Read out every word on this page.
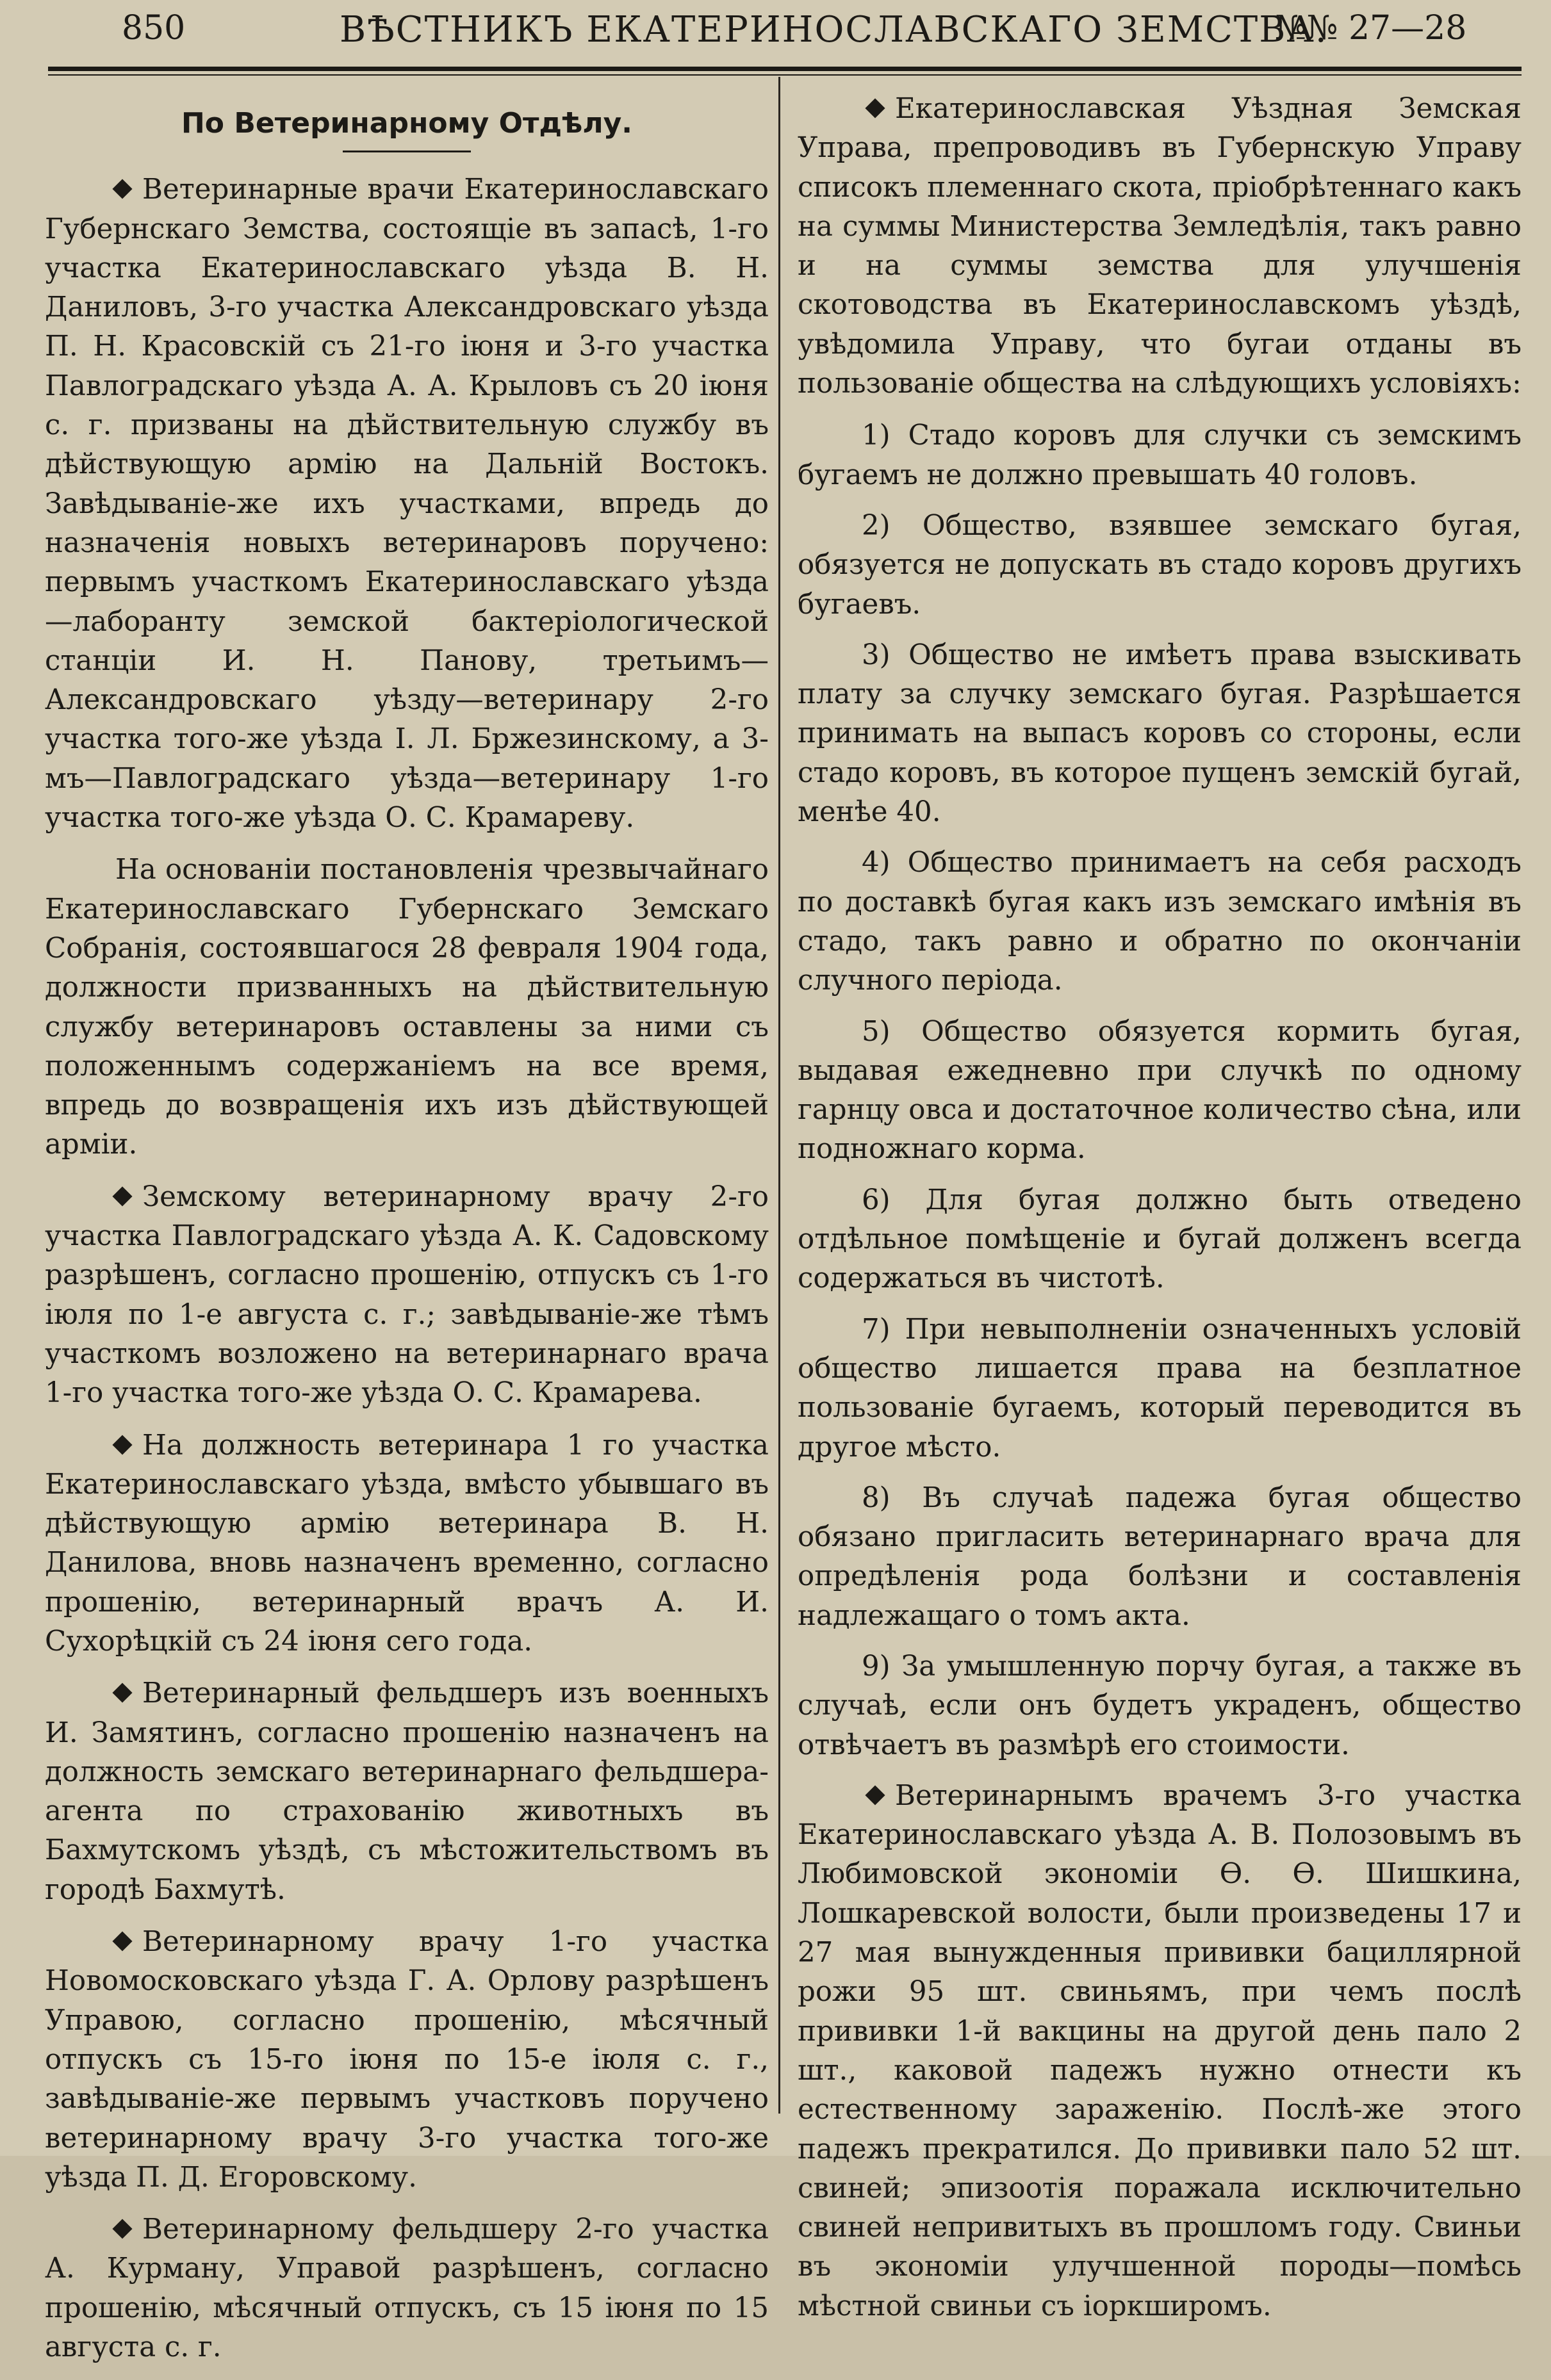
850	ВѢСТНИКЪ ЕКАТЕРИНОСЛАВСКАГО ЗЕМСТВА.
№№ 27—28
По Ветеринарному Отдѣлу.

Ветеринарные врачи Екатеринославскаго Губернскаго Земства, состоящіе въ запасѣ, 1-го участка Екатеринославскаго уѣзда В. Н. Даниловъ, 3-го участка Александровскаго уѣзда П. Н. Красовскій съ 21-го іюня и 3-го участка Павлоградскаго уѣзда А. А. Крыловъ съ 20 іюня с. г. призваны на дѣйствительную службу въ дѣйствующую армію на Дальній Востокъ. Завѣдываніе-же ихъ участками, впредь до назначенія новыхъ ветеринаровъ поручено: первымъ участкомъ Екатеринославскаго уѣзда—лаборанту земской бактеріологической станціи И. Н. Панову, третьимъ—Александровскаго уѣзду—ветеринару 2-го участка того-же уѣзда І. Л. Бржезинскому, а 3-мъ—Павлоградскаго уѣзда—ветеринару 1-го участка того-же уѣзда О. С. Крамареву.

На основаніи постановленія чрезвычайнаго Екатеринославскаго Губернскаго Земскаго Собранія, состоявшагося 28 февраля 1904 года, должности призванныхъ на дѣйствительную службу ветеринаровъ оставлены за ними съ положеннымъ содержаніемъ на все время, впредь до возвращенія ихъ изъ дѣйствующей арміи.

Земскому ветеринарному врачу 2-го участка Павлоградскаго уѣзда А. К. Садовскому разрѣшенъ, согласно прошенію, отпускъ съ 1-го іюля по 1-е августа с. г.; завѣдываніе-же тѣмъ участкомъ возложено на ветеринарнаго врача 1-го участка того-же уѣзда О. С. Крамарева.

На должность ветеринара 1 го участка Екатеринославскаго уѣзда, вмѣсто убывшаго въ дѣйствующую армію ветеринара В. Н. Данилова, вновь назначенъ временно, согласно прошенію, ветеринарный врачъ А. И. Сухорѣцкій съ 24 іюня сего года.

Ветеринарный фельдшеръ изъ военныхъ И. Замятинъ, согласно прошенію назначенъ на должность земскаго ветеринарнаго фельдшера-агента по страхованію животныхъ въ Бахмутскомъ уѣздѣ, съ мѣстожительствомъ въ городѣ Бахмутѣ.

Ветеринарному врачу 1-го участка Новомосковскаго уѣзда Г. А. Орлову разрѣшенъ Управою, согласно прошенію, мѣсячный отпускъ съ 15-го іюня по 15-е іюля с. г., завѣдываніе-же первымъ участковъ поручено ветеринарному врачу 3-го участка того-же уѣзда П. Д. Егоровскому.

Ветеринарному фельдшеру 2-го участка А. Курману, Управой разрѣшенъ, согласно прошенію, мѣсячный отпускъ, съ 15 іюня по 15 августа с. г.

Екатеринославская Уѣздная Земская Управа, препроводивъ въ Губернскую Управу списокъ племеннаго скота, пріобрѣтеннаго какъ на суммы Министерства Земледѣлія, такъ равно и на суммы земства для улучшенія скотоводства въ Екатеринославскомъ уѣздѣ, увѣдомила Управу, что бугаи отданы въ пользованіе общества на слѣдующихъ условіяхъ:

1) Стадо коровъ для случки съ земскимъ бугаемъ не должно превышать 40 головъ.

2) Общество, взявшее земскаго бугая, обязуется не допускать въ стадо коровъ другихъ бугаевъ.

3) Общество не имѣетъ права взыскивать плату за случку земскаго бугая. Разрѣшается принимать на выпасъ коровъ со стороны, если стадо коровъ, въ которое пущенъ земскій бугай, менѣе 40.

4) Общество принимаетъ на себя расходъ по доставкѣ бугая какъ изъ земскаго имѣнія въ стадо, такъ равно и обратно по окончаніи случного періода.

5) Общество обязуется кормить бугая, выдавая ежедневно при случкѣ по одному гарнцу овса и достаточное количество сѣна, или подножнаго корма.

6) Для бугая должно быть отведено отдѣльное помѣщеніе и бугай долженъ всегда содержаться въ чистотѣ.

7) При невыполненіи означенныхъ условій общество лишается права на безплатное пользованіе бугаемъ, который переводится въ другое мѣсто.

8) Въ случаѣ падежа бугая общество обязано пригласить ветеринарнаго врача для опредѣленія рода болѣзни и составленія надлежащаго о томъ акта.

9) За умышленную порчу бугая, а также въ случаѣ, если онъ будетъ украденъ, общество отвѣчаетъ въ размѣрѣ его стоимости.

Ветеринарнымъ врачемъ 3-го участка Екатеринославскаго уѣзда А. В. Полозовымъ въ Любимовской экономіи Ѳ. Ѳ. Шишкина, Лошкаревской волости, были произведены 17 и 27 мая вынужденныя прививки бациллярной рожи 95 шт. свиньямъ, при чемъ послѣ прививки 1-й вакцины на другой день пало 2 шт., каковой падежъ нужно отнести къ естественному зараженію. Послѣ-же этого падежъ прекратился. До прививки пало 52 шт. свиней; эпизоотія поражала исключительно свиней непривитыхъ въ прошломъ году. Свиньи въ экономіи улучшенной породы—помѣсь мѣстной свиньи съ іоркширомъ.
